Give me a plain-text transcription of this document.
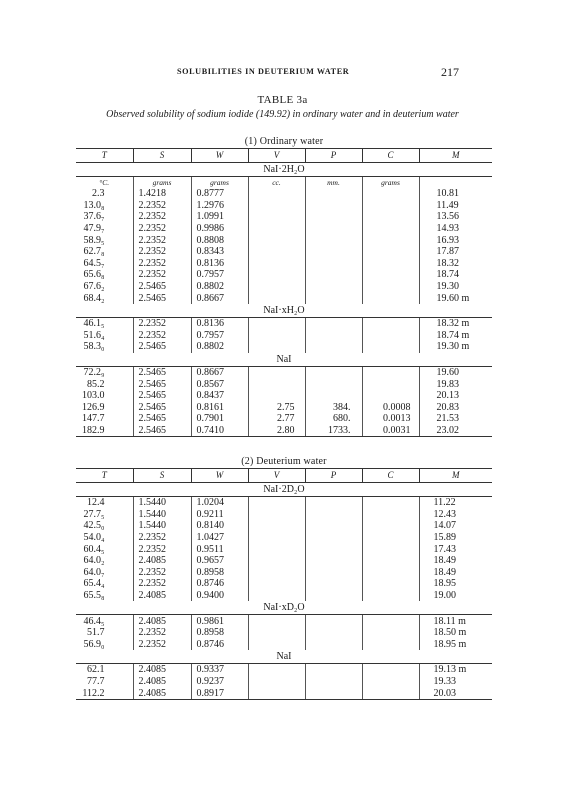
SOLUBILITIES IN DEUTERIUM WATER	217
TABLE 3a
Observed solubility of sodium iodide (149.92) in ordinary water and in deuterium water
(1) Ordinary water						
T	S	W	V	P	C	M
NaI·2H₂O						
°C.	grams	grams	cc.	mm.	grams	
2.3	1.4218	0.8777				10.81
13.0₈	2.2352	1.2976				11.49
37.6₇	2.2352	1.0991				13.56
47.9₇	2.2352	0.9986				14.93
58.9₅	2.2352	0.8808				16.93
62.7₈	2.2352	0.8343				17.87
64.5₇	2.2352	0.8136				18.32
65.6₈	2.2352	0.7957				18.74
67.6₂	2.5465	0.8802				19.30
68.4₂	2.5465	0.8667				19.60 m
NaI·xH₂O						
46.1₅	2.2352	0.8136				18.32 m
51.6₄	2.2352	0.7957				18.74 m
58.3₀	2.5465	0.8802				19.30 m
NaI						
72.2₉	2.5465	0.8667				19.60
85.2	2.5465	0.8567				19.83
103.0	2.5465	0.8437				20.13
126.9	2.5465	0.8161	2.75	384.	0.0008	20.83
147.7	2.5465	0.7901	2.77	680.	0.0013	21.53
182.9	2.5465	0.7410	2.80	1733.	0.0031	23.02
(2) Deuterium water						
T	S	W	V	P	C	M
NaI·2D₂O						
12.4	1.5440	1.0204				11.22
27.7₅	1.5440	0.9211				12.43
42.5₀	1.5440	0.8140				14.07
54.0₄	2.2352	1.0427				15.89
60.4₅	2.2352	0.9511				17.43
64.0₂	2.4085	0.9657				18.49
64.0₇	2.2352	0.8958				18.49
65.4₄	2.2352	0.8746				18.95
65.5₈	2.4085	0.9400				19.00
NaI·xD₂O						
46.4₅	2.4085	0.9861				18.11 m
51.7	2.2352	0.8958				18.50 m
56.9₀	2.2352	0.8746				18.95 m
NaI						
62.1	2.4085	0.9337				19.13 m
77.7	2.4085	0.9237				19.33
112.2	2.4085	0.8917				20.03
